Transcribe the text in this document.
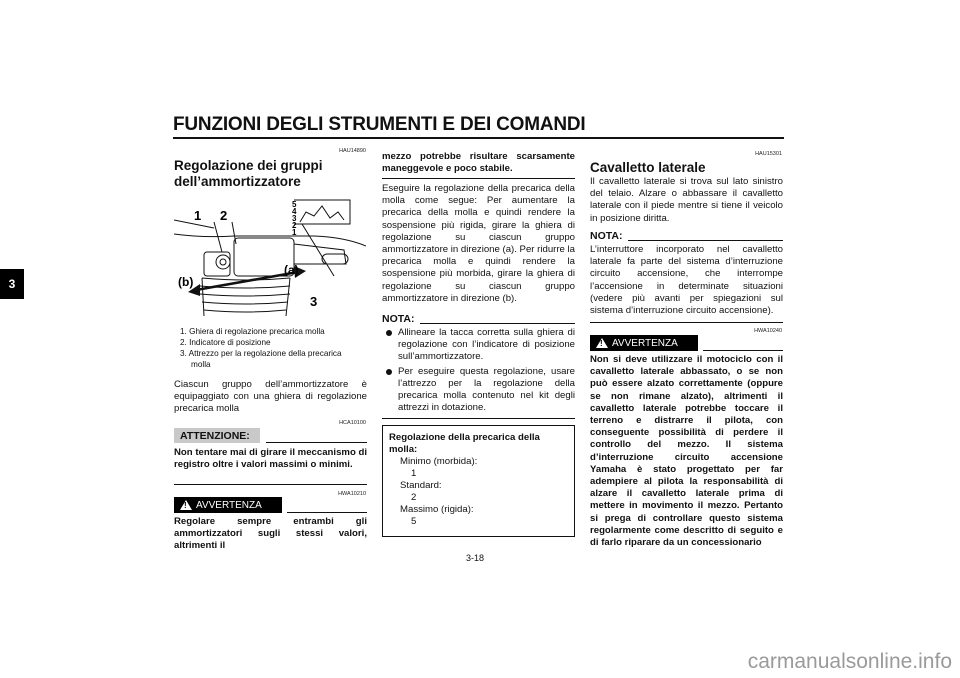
FUNZIONI DEGLI STRUMENTI E DEI COMANDI
3
HAU14890
Regolazione dei gruppi dell’ammortizzatore
1 2
(b)
(a)
3
5
4
3
2
1
1. Ghiera di regolazione precarica molla
2. Indicatore di posizione
3. Attrezzo per la regolazione della precarica
molla
Ciascun gruppo dell’ammortizzatore è equipaggiato con una ghiera di regolazione precarica molla
HCA10100
ATTENZIONE:
Non tentare mai di girare il meccanismo di registro oltre i valori massimi o minimi.
HWA10210
! AVVERTENZA
Regolare sempre entrambi gli ammortizzatori sugli stessi valori, altrimenti il
mezzo potrebbe risultare scarsamente maneggevole e poco stabile.
Eseguire la regolazione della precarica della molla come segue: Per aumentare la precarica della molla e quindi rendere la sospensione più rigida, girare la ghiera di regolazione su ciascun gruppo ammortizzatore in direzione (a). Per ridurre la precarica molla e quindi rendere la sospensione più morbida, girare la ghiera di regolazione su ciascun gruppo ammortizzatore in direzione (b).
NOTA:
Allineare la tacca corretta sulla ghiera di regolazione con l’indicatore di posizione sull’ammortizzatore.
Per eseguire questa regolazione, usare l’attrezzo per la regolazione della precarica molla contenuto nel kit degli attrezzi in dotazione.
Regolazione della precarica della molla:
Minimo (morbida):
1
Standard:
2
Massimo (rigida):
5
HAU15301
Cavalletto laterale
Il cavalletto laterale si trova sul lato sinistro del telaio. Alzare o abbassare il cavalletto laterale con il piede mentre si tiene il veicolo in posizione diritta.
NOTA:
L’interruttore incorporato nel cavalletto laterale fa parte del sistema d’interruzione circuito accensione, che interrompe l’accensione in determinate situazioni (vedere più avanti per spiegazioni sul sistema d’interruzione circuito accensione).
HWA10240
! AVVERTENZA
Non si deve utilizzare il motociclo con il cavalletto laterale abbassato, o se non può essere alzato correttamente (oppure se non rimane alzato), altrimenti il cavalletto laterale potrebbe toccare il terreno e distrarre il pilota, con conseguente possibilità di perdere il controllo del mezzo. Il sistema d’interruzione circuito accensione Yamaha è stato progettato per far adempiere al pilota la responsabilità di alzare il cavalletto laterale prima di mettere in movimento il mezzo. Pertanto si prega di controllare questo sistema regolarmente come descritto di seguito e di farlo riparare da un concessionario
3-18
carmanualsonline.info
